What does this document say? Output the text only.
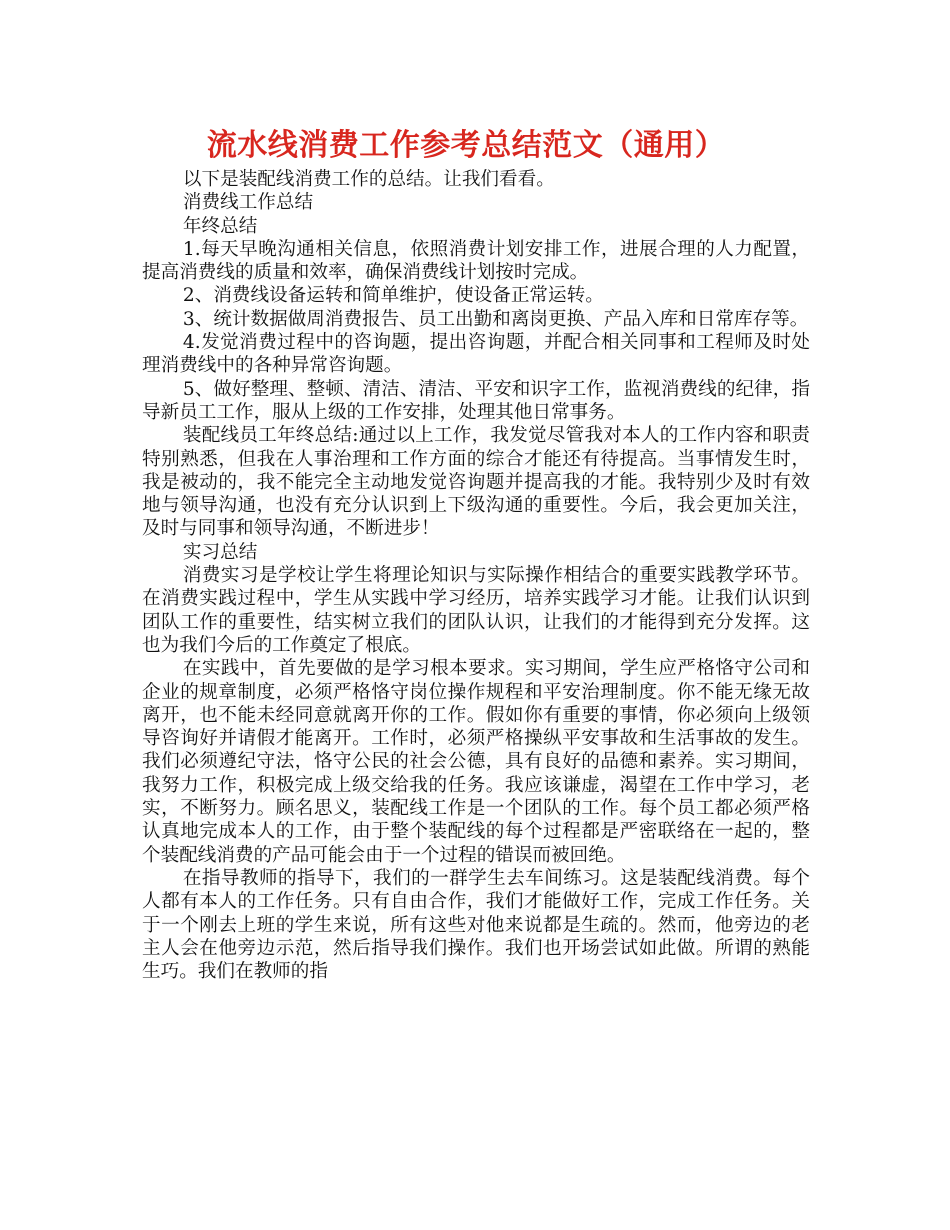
流水线消费工作参考总结范文（通用）

以下是装配线消费工作的总结。让我们看看。

消费线工作总结

年终总结

1.每天早晚沟通相关信息，依照消费计划安排工作，进展合理的人力配置，提高消费线的质量和效率，确保消费线计划按时完成。

2、消费线设备运转和简单维护，使设备正常运转。

3、统计数据做周消费报告、员工出勤和离岗更换、产品入库和日常库存等。

4.发觉消费过程中的咨询题，提出咨询题，并配合相关同事和工程师及时处理消费线中的各种异常咨询题。

5、做好整理、整顿、清洁、清洁、平安和识字工作，监视消费线的纪律，指导新员工工作，服从上级的工作安排，处理其他日常事务。

装配线员工年终总结:通过以上工作，我发觉尽管我对本人的工作内容和职责特别熟悉，但我在人事治理和工作方面的综合才能还有待提高。当事情发生时，我是被动的，我不能完全主动地发觉咨询题并提高我的才能。我特别少及时有效地与领导沟通，也没有充分认识到上下级沟通的重要性。今后，我会更加关注，及时与同事和领导沟通，不断进步！

实习总结

消费实习是学校让学生将理论知识与实际操作相结合的重要实践教学环节。在消费实践过程中，学生从实践中学习经历，培养实践学习才能。让我们认识到团队工作的重要性，结实树立我们的团队认识，让我们的才能得到充分发挥。这也为我们今后的工作奠定了根底。

在实践中，首先要做的是学习根本要求。实习期间，学生应严格恪守公司和企业的规章制度，必须严格恪守岗位操作规程和平安治理制度。你不能无缘无故离开，也不能未经同意就离开你的工作。假如你有重要的事情，你必须向上级领导咨询好并请假才能离开。工作时，必须严格操纵平安事故和生活事故的发生。我们必须遵纪守法，恪守公民的社会公德，具有良好的品德和素养。实习期间，我努力工作，积极完成上级交给我的任务。我应该谦虚，渴望在工作中学习，老实，不断努力。顾名思义，装配线工作是一个团队的工作。每个员工都必须严格认真地完成本人的工作，由于整个装配线的每个过程都是严密联络在一起的，整个装配线消费的产品可能会由于一个过程的错误而被回绝。

在指导教师的指导下，我们的一群学生去车间练习。这是装配线消费。每个人都有本人的工作任务。只有自由合作，我们才能做好工作，完成工作任务。关于一个刚去上班的学生来说，所有这些对他来说都是生疏的。然而，他旁边的老主人会在他旁边示范，然后指导我们操作。我们也开场尝试如此做。所谓的熟能生巧。我们在教师的指
